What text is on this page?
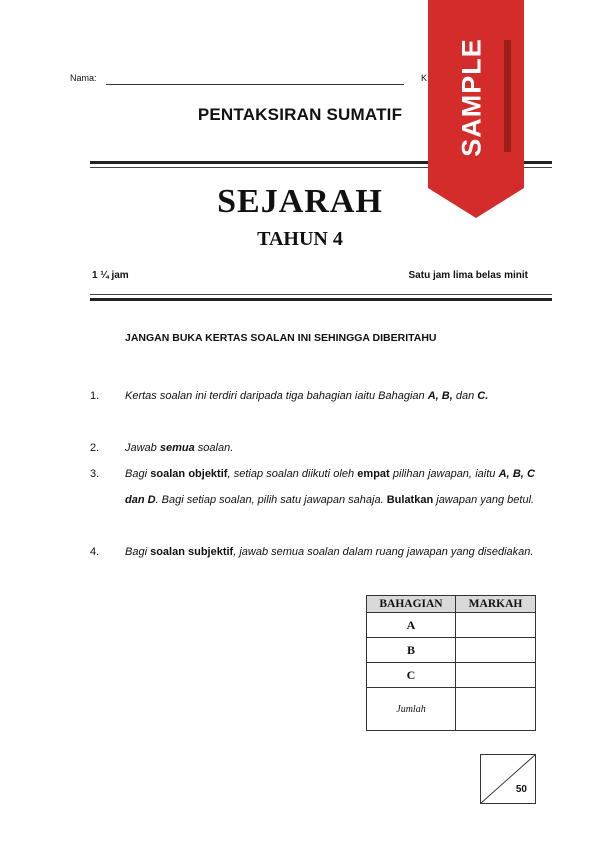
Nama:	K
PENTAKSIRAN SUMATIF
SEJARAH
TAHUN 4
1 ¼ jam	Satu jam lima belas minit
JANGAN BUKA KERTAS SOALAN INI SEHINGGA DIBERITAHU
1. Kertas soalan ini terdiri daripada tiga bahagian iaitu Bahagian A, B, dan C.
2. Jawab semua soalan.
3. Bagi soalan objektif, setiap soalan diikuti oleh empat pilihan jawapan, iaitu A, B, C dan D. Bagi setiap soalan, pilih satu jawapan sahaja. Bulatkan jawapan yang betul.
4. Bagi soalan subjektif, jawab semua soalan dalam ruang jawapan yang disediakan.
BAHAGIAN	MARKAH
A	
B	
C	
Jumlah	
50
SAMPLE
